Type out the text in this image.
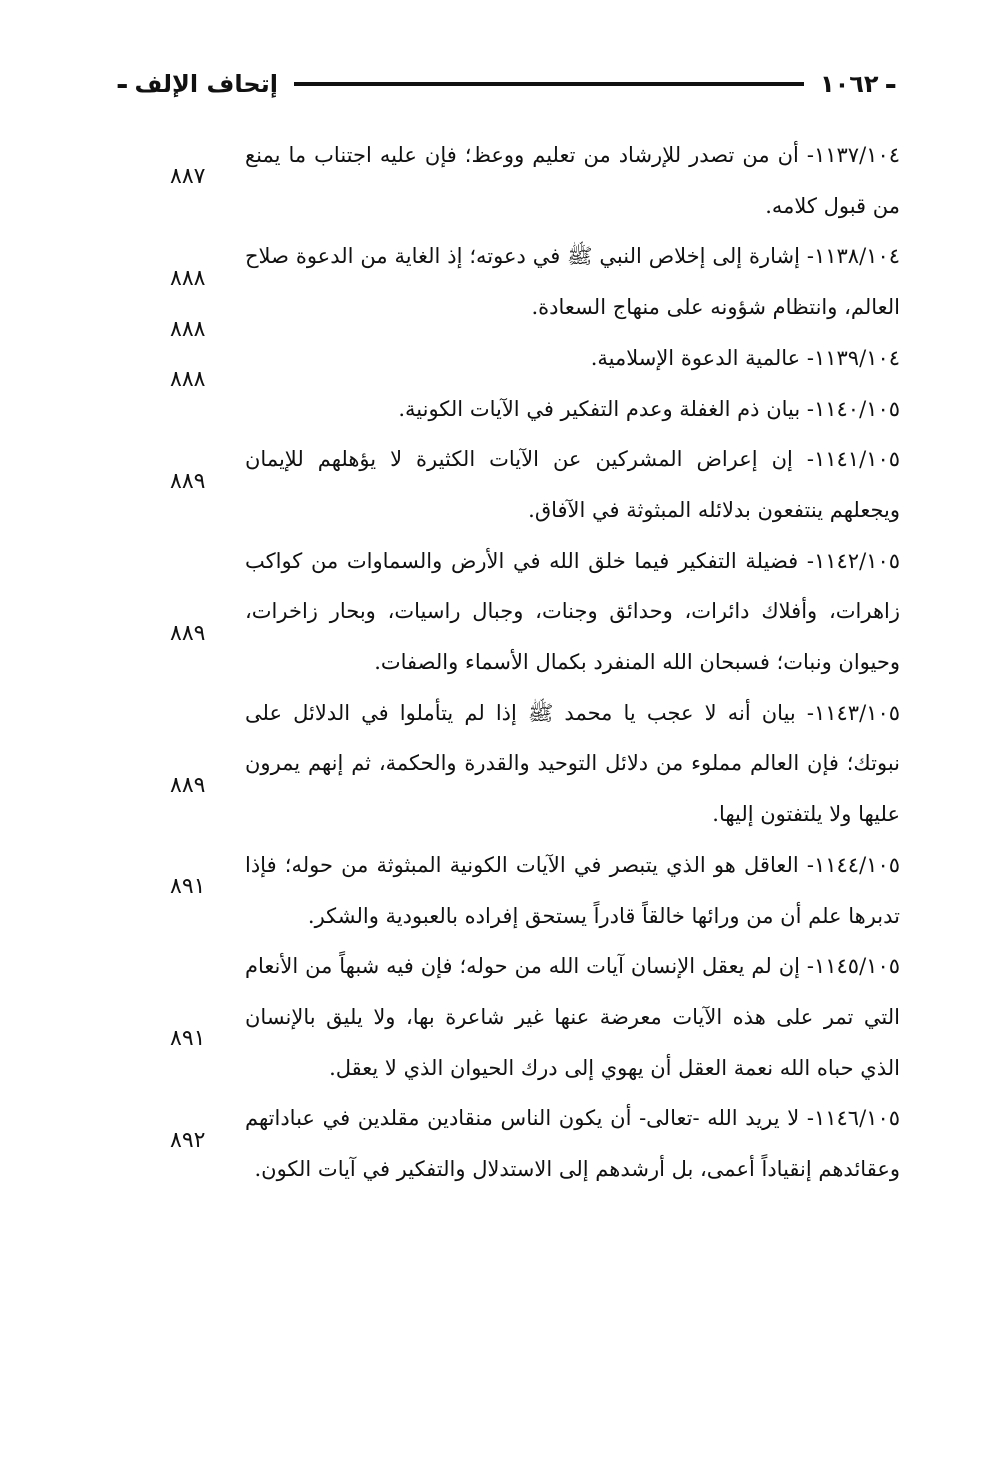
-
١٠٦٢
إتحاف الإلف
-
١١٣٧/١٠٤- أن من تصدر للإرشاد من تعليم ووعظ؛ فإن عليه اجتناب ما يمنع من قبول كلامه.
٨٨٧
١١٣٨/١٠٤- إشارة إلى إخلاص النبي ﷺ في دعوته؛ إذ الغاية من الدعوة صلاح العالم، وانتظام شؤونه على منهاج السعادة.
٨٨٨
١١٣٩/١٠٤- عالمية الدعوة الإسلامية.
٨٨٨
١١٤٠/١٠٥- بيان ذم الغفلة وعدم التفكير في الآيات الكونية.
٨٨٨
١١٤١/١٠٥- إن إعراض المشركين عن الآيات الكثيرة لا يؤهلهم للإيمان ويجعلهم ينتفعون بدلائله المبثوثة في الآفاق.
٨٨٩
١١٤٢/١٠٥- فضيلة التفكير فيما خلق الله في الأرض والسماوات من كواكب زاهرات، وأفلاك دائرات، وحدائق وجنات، وجبال راسيات، وبحار زاخرات، وحيوان ونبات؛ فسبحان الله المنفرد بكمال الأسماء والصفات.
٨٨٩
١١٤٣/١٠٥- بيان أنه لا عجب يا محمد ﷺ إذا لم يتأملوا في الدلائل على نبوتك؛ فإن العالم مملوء من دلائل التوحيد والقدرة والحكمة، ثم إنهم يمرون عليها ولا يلتفتون إليها.
٨٨٩
١١٤٤/١٠٥- العاقل هو الذي يتبصر في الآيات الكونية المبثوثة من حوله؛ فإذا تدبرها علم أن من ورائها خالقاً قادراً يستحق إفراده بالعبودية والشكر.
٨٩١
١١٤٥/١٠٥- إن لم يعقل الإنسان آيات الله من حوله؛ فإن فيه شبهاً من الأنعام التي تمر على هذه الآيات معرضة عنها غير شاعرة بها، ولا يليق بالإنسان الذي حباه الله نعمة العقل أن يهوي إلى درك الحيوان الذي لا يعقل.
٨٩١
١١٤٦/١٠٥- لا يريد الله -تعالى- أن يكون الناس منقادين مقلدين في عباداتهم وعقائدهم إنقياداً أعمى، بل أرشدهم إلى الاستدلال والتفكير في آيات الكون.
٨٩٢
